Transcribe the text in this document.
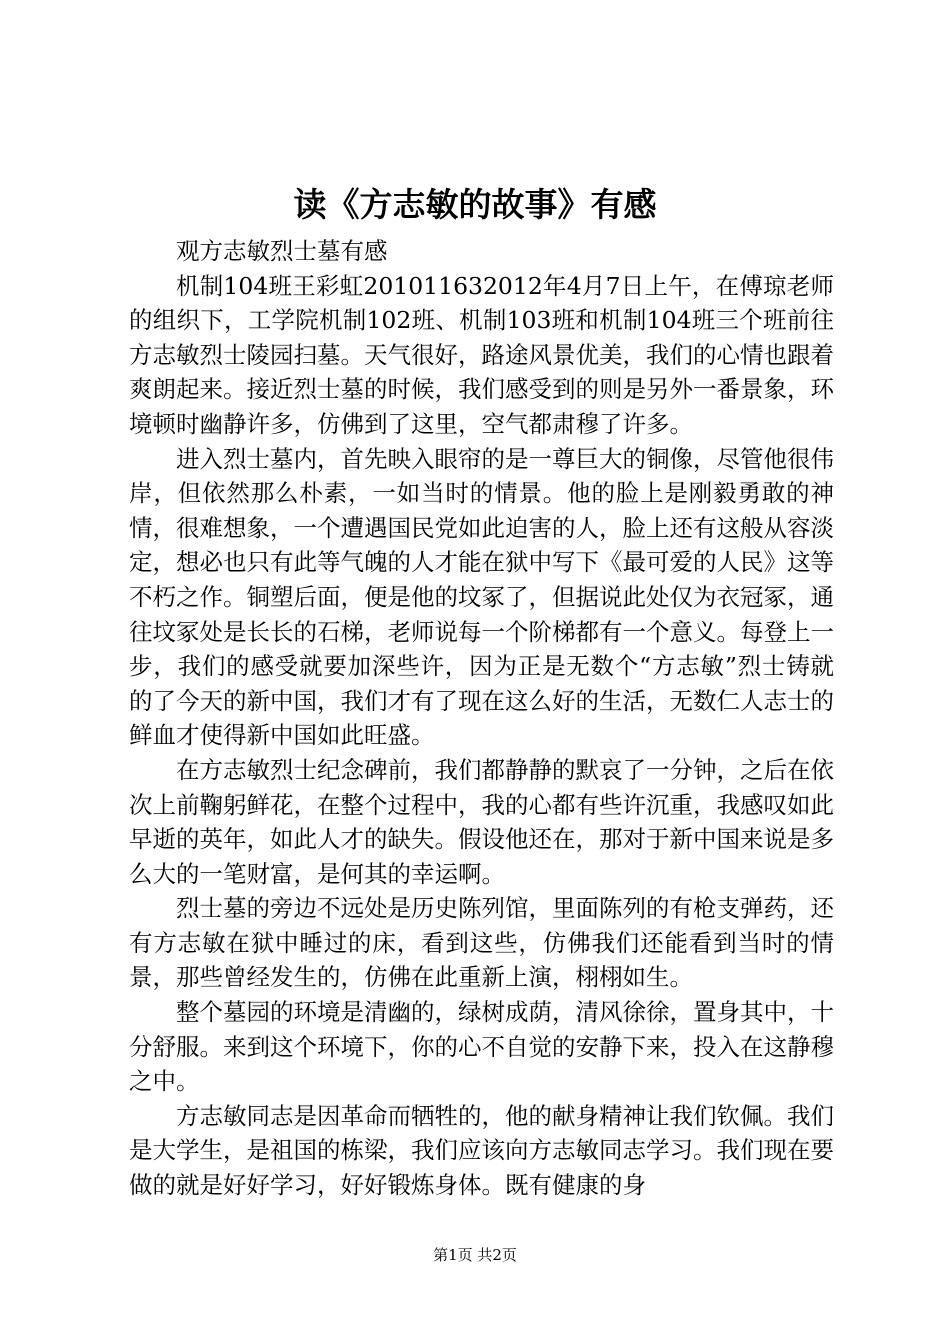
读《方志敏的故事》有感

观方志敏烈士墓有感

机制104班王彩虹201011632012年4月7日上午，在傅琼老师的组织下，工学院机制102班、机制103班和机制104班三个班前往方志敏烈士陵园扫墓。天气很好，路途风景优美，我们的心情也跟着爽朗起来。接近烈士墓的时候，我们感受到的则是另外一番景象，环境顿时幽静许多，仿佛到了这里，空气都肃穆了许多。

进入烈士墓内，首先映入眼帘的是一尊巨大的铜像，尽管他很伟岸，但依然那么朴素，一如当时的情景。他的脸上是刚毅勇敢的神情，很难想象，一个遭遇国民党如此迫害的人，脸上还有这般从容淡定，想必也只有此等气魄的人才能在狱中写下《最可爱的人民》这等不朽之作。铜塑后面，便是他的坟冢了，但据说此处仅为衣冠冢，通往坟冢处是长长的石梯，老师说每一个阶梯都有一个意义。每登上一步，我们的感受就要加深些许，因为正是无数个“方志敏”烈士铸就的了今天的新中国，我们才有了现在这么好的生活，无数仁人志士的鲜血才使得新中国如此旺盛。

在方志敏烈士纪念碑前，我们都静静的默哀了一分钟，之后在依次上前鞠躬鲜花，在整个过程中，我的心都有些许沉重，我感叹如此早逝的英年，如此人才的缺失。假设他还在，那对于新中国来说是多么大的一笔财富，是何其的幸运啊。

烈士墓的旁边不远处是历史陈列馆，里面陈列的有枪支弹药，还有方志敏在狱中睡过的床，看到这些，仿佛我们还能看到当时的情景，那些曾经发生的，仿佛在此重新上演，栩栩如生。

整个墓园的环境是清幽的，绿树成荫，清风徐徐，置身其中，十分舒服。来到这个环境下，你的心不自觉的安静下来，投入在这静穆之中。

方志敏同志是因革命而牺牲的，他的献身精神让我们钦佩。我们是大学生，是祖国的栋梁，我们应该向方志敏同志学习。我们现在要做的就是好好学习，好好锻炼身体。既有健康的身

第1页 共2页
